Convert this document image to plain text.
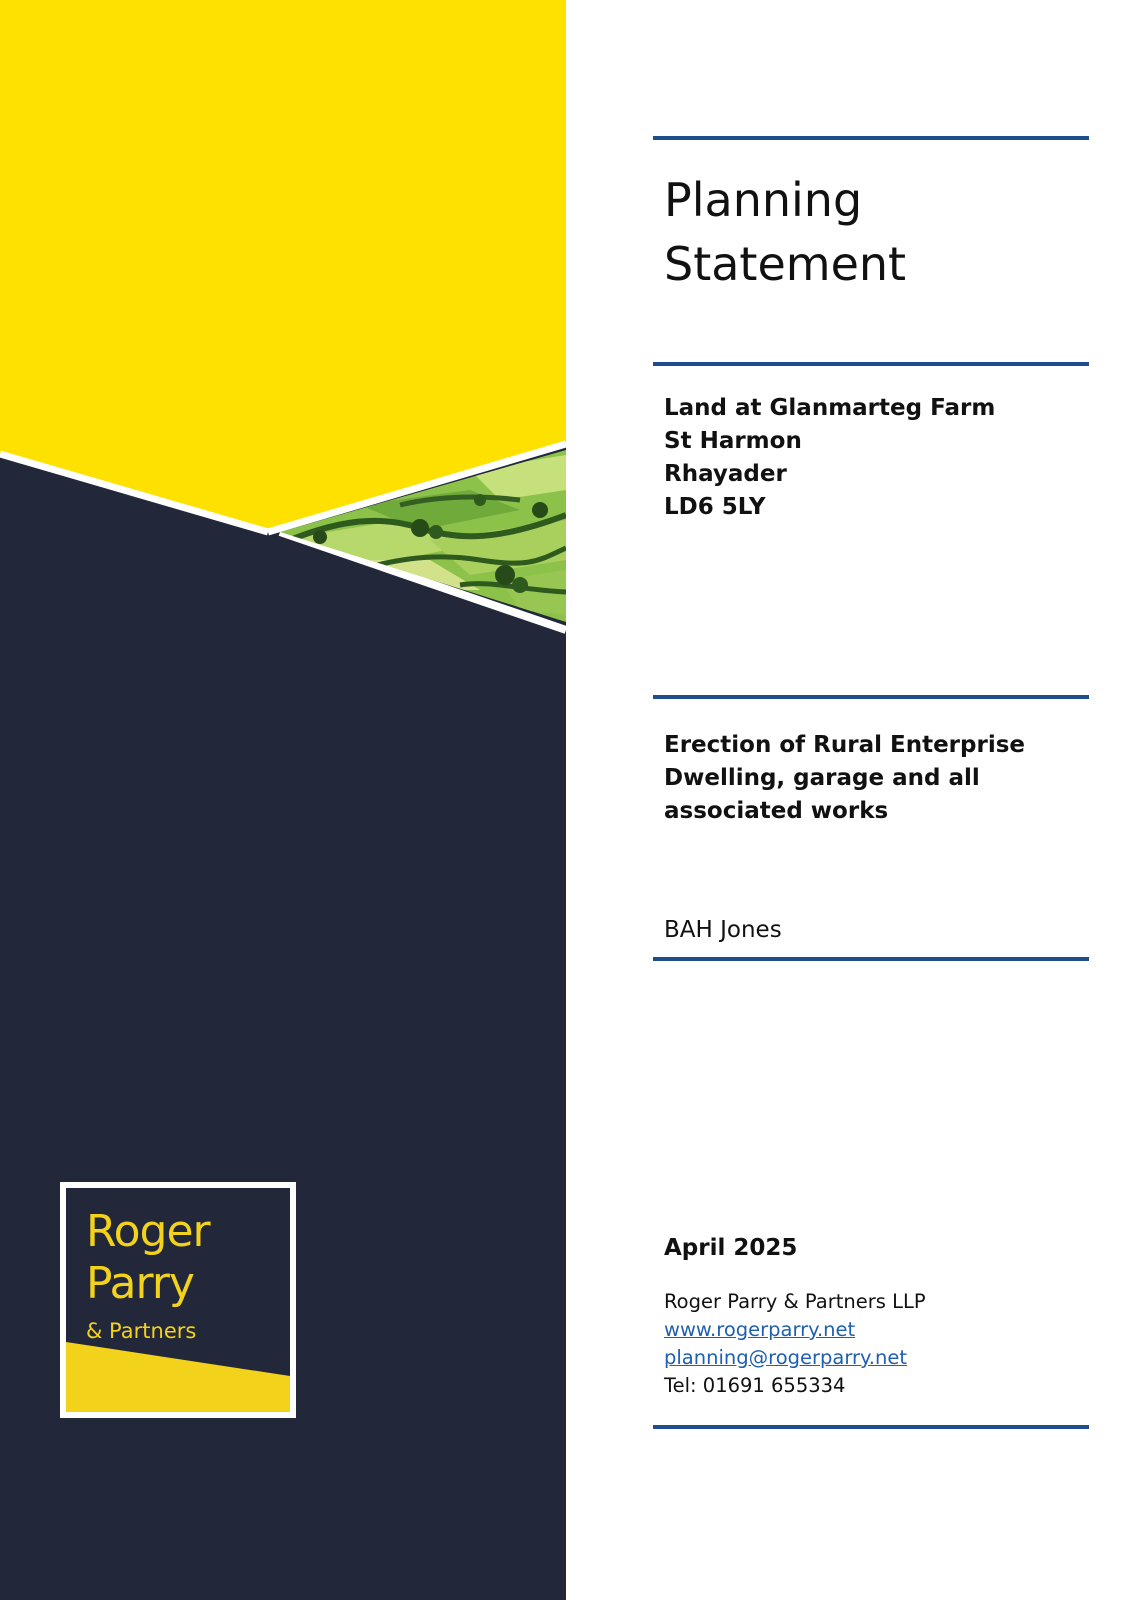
Roger
Parry
& Partners
Planning
Statement
Land at Glanmarteg Farm
St Harmon
Rhayader
LD6 5LY
Erection of Rural Enterprise
Dwelling, garage and all
associated works
BAH Jones
April 2025
Roger Parry & Partners LLP
www.rogerparry.net
planning@rogerparry.net
Tel: 01691 655334
